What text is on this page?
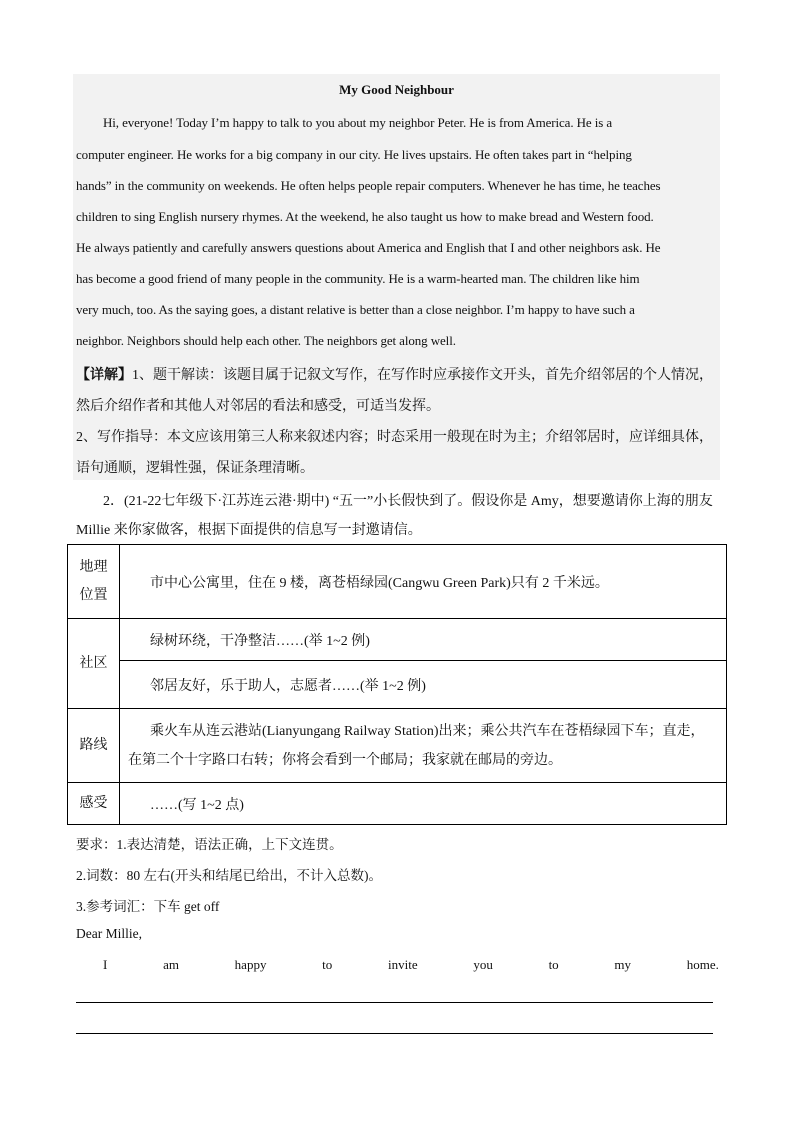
My Good Neighbour
Hi, everyone! Today I’m happy to talk to you about my neighbor Peter. He is from America. He is a
computer engineer. He works for a big company in our city. He lives upstairs. He often takes part in “helping
hands” in the community on weekends. He often helps people repair computers. Whenever he has time, he teaches
children to sing English nursery rhymes. At the weekend, he also taught us how to make bread and Western food.
He always patiently and carefully answers questions about America and English that I and other neighbors ask. He
has become a good friend of many people in the community. He is a warm-hearted man. The children like him
very much, too. As the saying goes, a distant relative is better than a close neighbor. I’m happy to have such a
neighbor. Neighbors should help each other. The neighbors get along well.
【详解】1、题干解读：该题目属于记叙文写作，在写作时应承接作文开头，首先介绍邻居的个人情况，
然后介绍作者和其他人对邻居的看法和感受，可适当发挥。
2、写作指导：本文应该用第三人称来叙述内容；时态采用一般现在时为主；介绍邻居时，应详细具体，
语句通顺，逻辑性强，保证条理清晰。
2．(21-22七年级下·江苏连云港·期中) “五一”小长假快到了。假设你是 Amy，想要邀请你上海的朋友
Millie 来你家做客，根据下面提供的信息写一封邀请信。
地理
位置	市中心公寓里，住在 9 楼，离苍梧绿园(Cangwu Green Park)只有 2 千米远。
社区	绿树环绕，干净整洁……(举 1~2 例)
	邻居友好，乐于助人，志愿者……(举 1~2 例)
路线	乘火车从连云港站(Lianyungang Railway Station)出来；乘公共汽车在苍梧绿园下车；直走，
在第二个十字路口右转；你将会看到一个邮局；我家就在邮局的旁边。

感受	……(写 1~2 点)
要求：1.表达清楚，语法正确，上下文连贯。
2.词数：80 左右(开头和结尾已给出，不计入总数)。
3.参考词汇：下车 get off
Dear Millie,
I	am	happy	to	invite	you	to	my	home.
